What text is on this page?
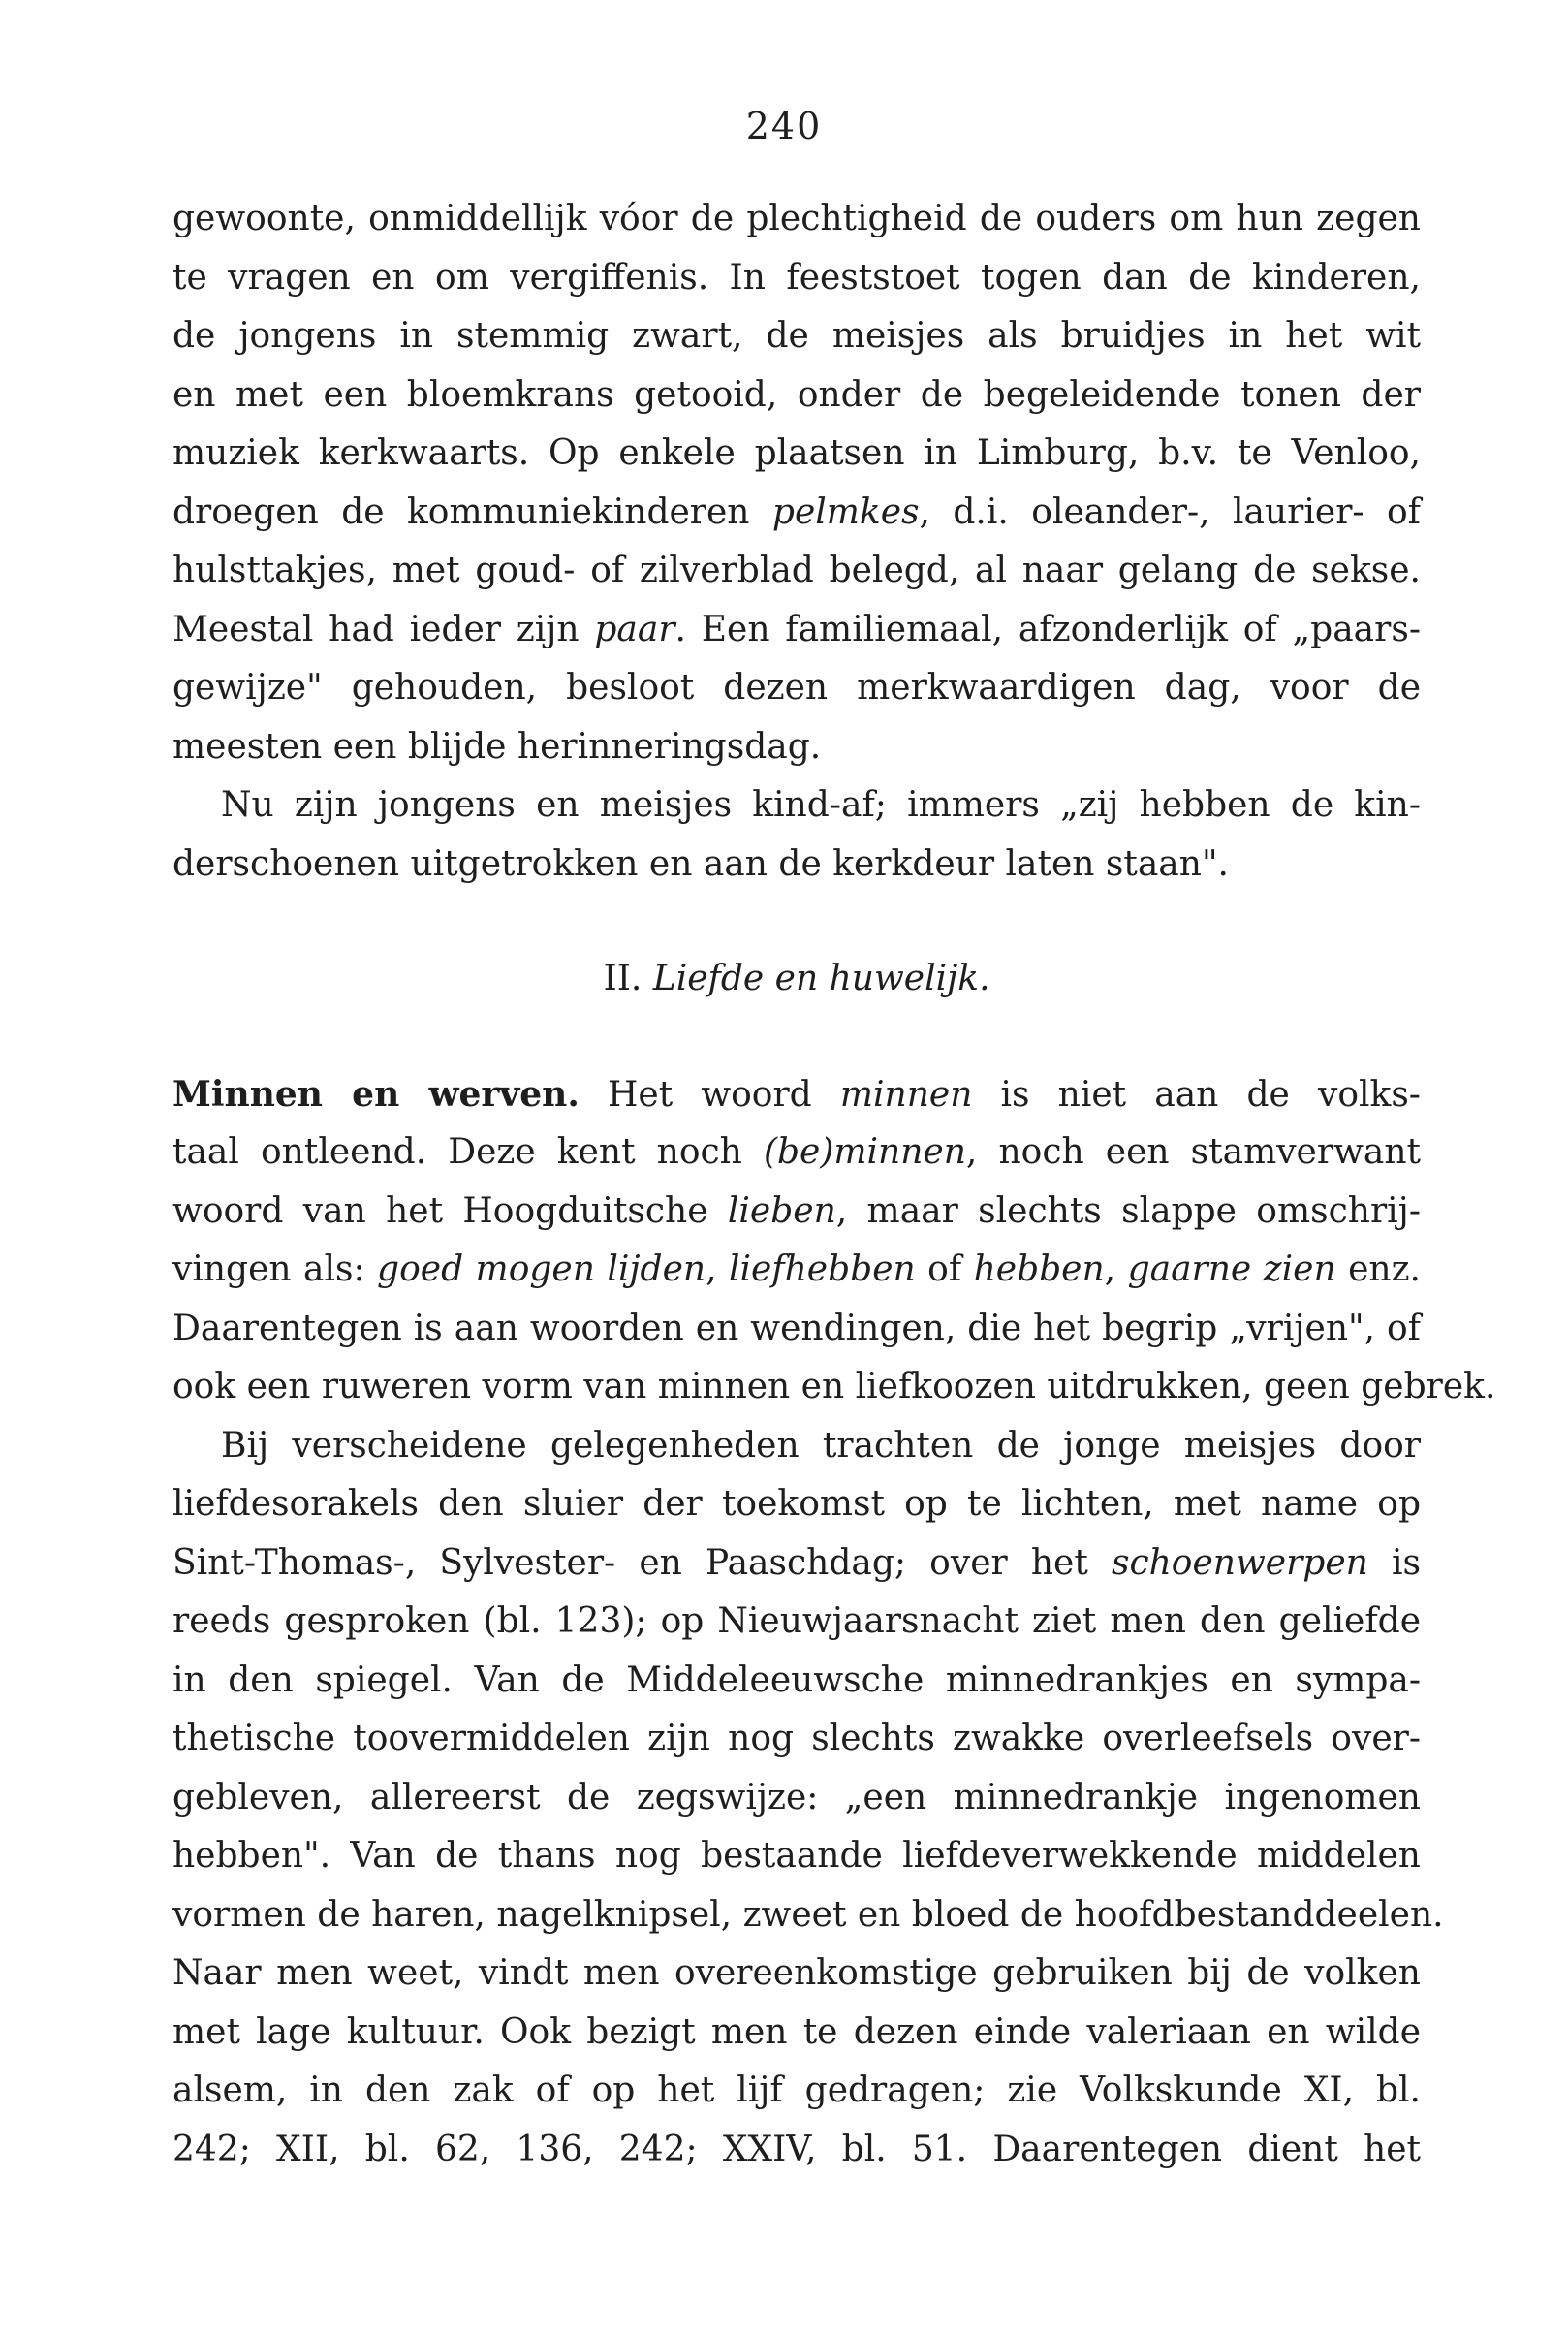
240
gewoonte, onmiddellijk vóor de plechtigheid de ouders om hun zegen
te vragen en om vergiffenis. In feeststoet togen dan de kinderen,
de jongens in stemmig zwart, de meisjes als bruidjes in het wit
en met een bloemkrans getooid, onder de begeleidende tonen der
muziek kerkwaarts. Op enkele plaatsen in Limburg, b.v. te Venloo,
droegen de kommuniekinderen pelmkes, d.i. oleander-, laurier- of
hulsttakjes, met goud- of zilverblad belegd, al naar gelang de sekse.
Meestal had ieder zijn paar. Een familiemaal, afzonderlijk of „paars-
gewijze" gehouden, besloot dezen merkwaardigen dag, voor de
meesten een blijde herinneringsdag.
Nu zijn jongens en meisjes kind-af; immers „zij hebben de kin-
derschoenen uitgetrokken en aan de kerkdeur laten staan".
II. Liefde en huwelijk.
Minnen en werven. Het woord minnen is niet aan de volks-
taal ontleend. Deze kent noch (be)minnen, noch een stamverwant
woord van het Hoogduitsche lieben, maar slechts slappe omschrij-
vingen als: goed mogen lijden, liefhebben of hebben, gaarne zien enz.
Daarentegen is aan woorden en wendingen, die het begrip „vrijen", of
ook een ruweren vorm van minnen en liefkoozen uitdrukken, geen gebrek.
Bij verscheidene gelegenheden trachten de jonge meisjes door
liefdesorakels den sluier der toekomst op te lichten, met name op
Sint-Thomas-, Sylvester- en Paaschdag; over het schoenwerpen is
reeds gesproken (bl. 123); op Nieuwjaarsnacht ziet men den geliefde
in den spiegel. Van de Middeleeuwsche minnedrankjes en sympa-
thetische toovermiddelen zijn nog slechts zwakke overleefsels over-
gebleven, allereerst de zegswijze: „een minnedrankje ingenomen
hebben". Van de thans nog bestaande liefdeverwekkende middelen
vormen de haren, nagelknipsel, zweet en bloed de hoofdbestanddeelen.
Naar men weet, vindt men overeenkomstige gebruiken bij de volken
met lage kultuur. Ook bezigt men te dezen einde valeriaan en wilde
alsem, in den zak of op het lijf gedragen; zie Volkskunde XI, bl.
242; XII, bl. 62, 136, 242; XXIV, bl. 51. Daarentegen dient het
